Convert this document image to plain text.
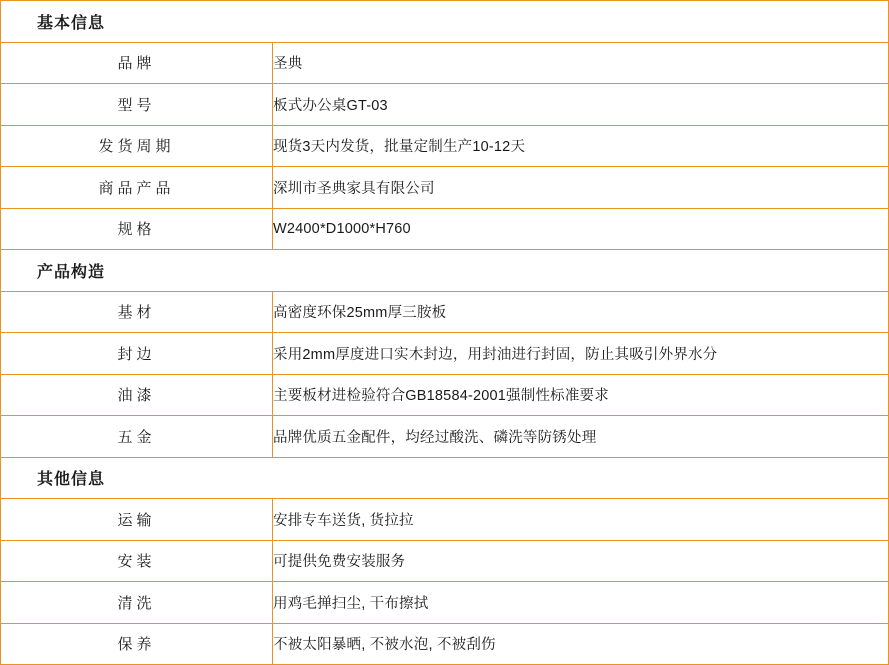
基本信息	
品牌	圣典
型号	板式办公桌GT-03
发货周期	现货3天内发货，批量定制生产10-12天
商品产品	深圳市圣典家具有限公司
规格	W2400*D1000*H760
产品构造	
基材	高密度环保25mm厚三胺板
封边	采用2mm厚度进口实木封边，用封油进行封固，防止其吸引外界水分
油漆	主要板材进检验符合GB18584-2001强制性标准要求
五金	品牌优质五金配件，均经过酸洗、磷洗等防锈处理
其他信息	
运输	安排专车送货, 货拉拉
安装	可提供免费安装服务
清洗	用鸡毛掸扫尘, 干布擦拭
保养	不被太阳暴晒, 不被水泡, 不被刮伤
